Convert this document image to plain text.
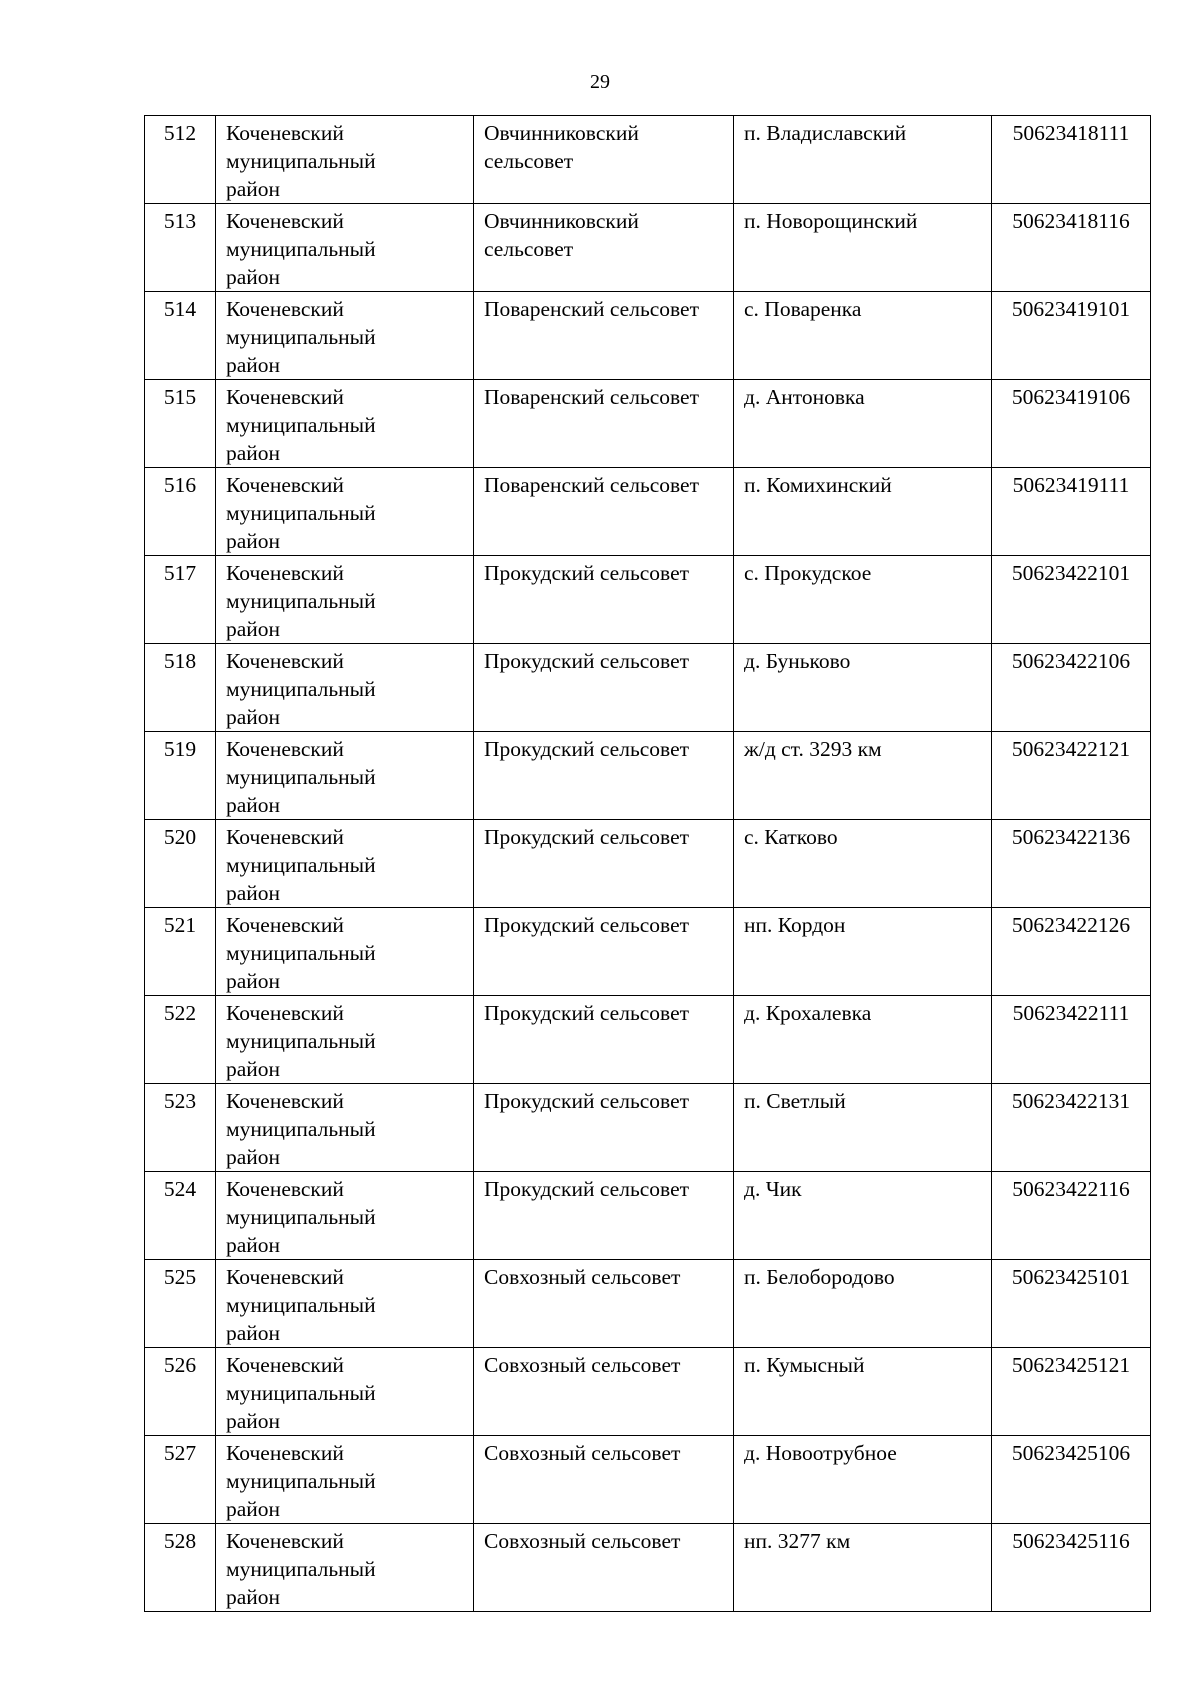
29
512	Коченевский муниципальный район	Овчинниковский сельсовет	п. Владиславский	50623418111
513	Коченевский муниципальный район	Овчинниковский сельсовет	п. Новорощинский	50623418116
514	Коченевский муниципальный район	Поваренский сельсовет	с. Поваренка	50623419101
515	Коченевский муниципальный район	Поваренский сельсовет	д. Антоновка	50623419106
516	Коченевский муниципальный район	Поваренский сельсовет	п. Комихинский	50623419111
517	Коченевский муниципальный район	Прокудский сельсовет	с. Прокудское	50623422101
518	Коченевский муниципальный район	Прокудский сельсовет	д. Буньково	50623422106
519	Коченевский муниципальный район	Прокудский сельсовет	ж/д ст. 3293 км	50623422121
520	Коченевский муниципальный район	Прокудский сельсовет	с. Катково	50623422136
521	Коченевский муниципальный район	Прокудский сельсовет	нп. Кордон	50623422126
522	Коченевский муниципальный район	Прокудский сельсовет	д. Крохалевка	50623422111
523	Коченевский муниципальный район	Прокудский сельсовет	п. Светлый	50623422131
524	Коченевский муниципальный район	Прокудский сельсовет	д. Чик	50623422116
525	Коченевский муниципальный район	Совхозный сельсовет	п. Белобородово	50623425101
526	Коченевский муниципальный район	Совхозный сельсовет	п. Кумысный	50623425121
527	Коченевский муниципальный район	Совхозный сельсовет	д. Новоотрубное	50623425106
528	Коченевский муниципальный район	Совхозный сельсовет	нп. 3277 км	50623425116
